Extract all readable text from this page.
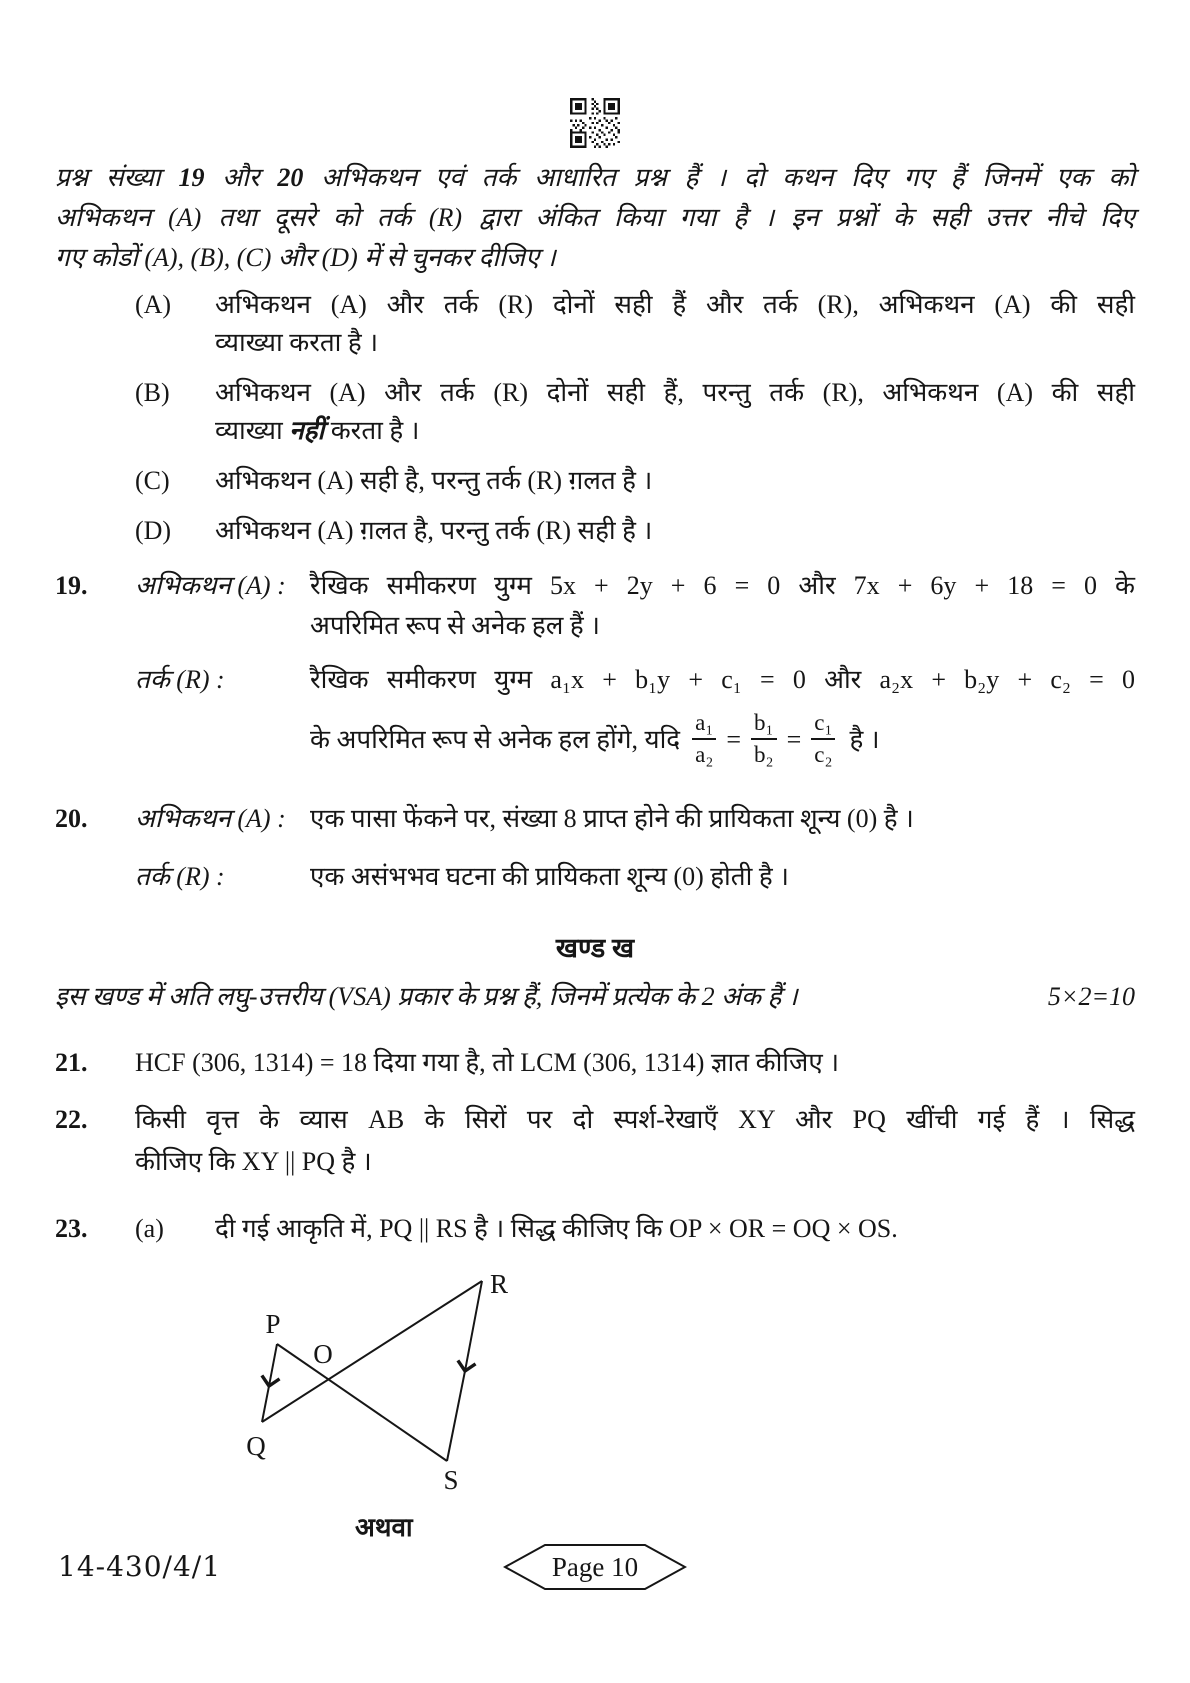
प्रश्न संख्या 19 और 20 अभिकथन एवं तर्क आधारित प्रश्न हैं । दो कथन दिए गए हैं जिनमें एक को
अभिकथन (A) तथा दूसरे को तर्क (R) द्वारा अंकित किया गया है । इन प्रश्नों के सही उत्तर नीचे दिए
गए कोडों (A), (B), (C) और (D) में से चुनकर दीजिए ।
(A)	अभिकथन (A) और तर्क (R) दोनों सही हैं और तर्क (R), अभिकथन (A) की सही
व्याख्या करता है ।
(B)	अभिकथन (A) और तर्क (R) दोनों सही हैं, परन्तु तर्क (R), अभिकथन (A) की सही
व्याख्या नहीं करता है ।
(C)	अभिकथन (A) सही है, परन्तु तर्क (R) ग़लत है ।
(D)	अभिकथन (A) ग़लत है, परन्तु तर्क (R) सही है ।
19.	अभिकथन (A) : रैखिक समीकरण युग्म 5x + 2y + 6 = 0 और 7x + 6y + 18 = 0 के
अपरिमित रूप से अनेक हल हैं ।
तर्क (R) :	रैखिक समीकरण युग्म a₁x + b₁y + c₁ = 0 और a₂x + b₂y + c₂ = 0
के अपरिमित रूप से अनेक हल होंगे, यदि $\frac{\text{a₁}}{\text{a₂}} = \frac{\text{b₁}}{\text{b₂}} = \frac{\text{c₁}}{\text{c₂}}$ है ।
20.	अभिकथन (A) : एक पासा फेंकने पर, संख्या 8 प्राप्त होने की प्रायिकता शून्य (0) है ।
तर्क (R) :	एक असंभभव घटना की प्रायिकता शून्य (0) होती है ।
खण्ड ख
इस खण्ड में अति लघु-उत्तरीय (VSA) प्रकार के प्रश्न हैं, जिनमें प्रत्येक के 2 अंक हैं ।	5×2=10
21.	HCF (306, 1314) = 18 दिया गया है, तो LCM (306, 1314) ज्ञात कीजिए ।
22.	किसी वृत्त के व्यास AB के सिरों पर दो स्पर्श-रेखाएँ XY और PQ खींची गई हैं । सिद्ध
कीजिए कि XY || PQ है ।
23.	(a)	दी गई आकृति में, PQ || RS है । सिद्ध कीजिए कि OP × OR = OQ × OS.
P
O
R
Q
S
अथवा
14-430/4/1	Page 10
